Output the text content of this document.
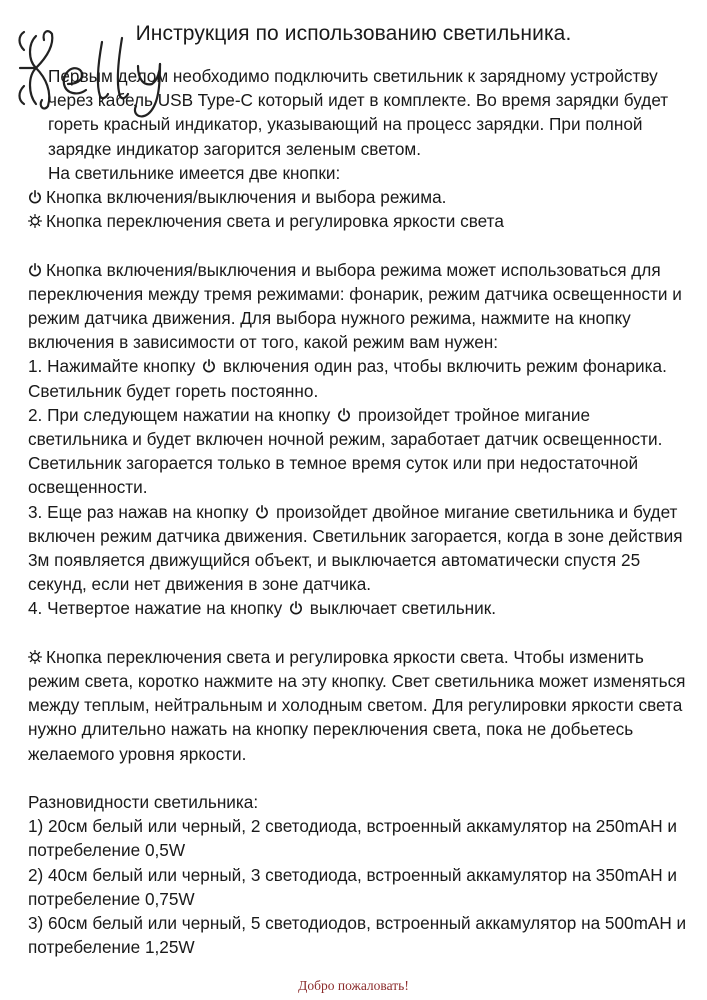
Инструкция по использованию светильника.

Первым делом необходимо подключить светильник к зарядному устройству через кабель USB Type-C который идет в комплекте. Во время зарядки будет гореть красный индикатор, указывающий на процесс зарядки. При полной зарядке индикатор загорится зеленым светом.

На светильнике имеется две кнопки:

Кнопка включения/выключения и выбора режима.

Кнопка переключения света и регулировка яркости света

Кнопка включения/выключения и выбора режима может использоваться для переключения между тремя режимами: фонарик, режим датчика освещенности и режим датчика движения. Для выбора нужного режима, нажмите на кнопку включения в зависимости от того, какой режим вам нужен:

1. Нажимайте кнопку включения один раз, чтобы включить режим фонарика. Светильник будет гореть постоянно.

2. При следующем нажатии на кнопку произойдет тройное мигание светильника и будет включен ночной режим, заработает датчик освещенности. Светильник загорается только в темное время суток или при недостаточной освещенности.

3. Еще раз нажав на кнопку произойдет двойное мигание светильника и будет включен режим датчика движения. Светильник загорается, когда в зоне действия 3м появляется движущийся объект, и выключается автоматически спустя 25 секунд, если нет движения в зоне датчика.

4. Четвертое нажатие на кнопку выключает светильник.

Кнопка переключения света и регулировка яркости света. Чтобы изменить режим света, коротко нажмите на эту кнопку. Свет светильника может изменяться между теплым, нейтральным и холодным светом. Для регулировки яркости света нужно длительно нажать на кнопку переключения света, пока не добьетесь желаемого уровня яркости.

Разновидности светильника:

1) 20см белый или черный, 2 светодиода, встроенный аккамулятор на 250mAH и потребеление 0,5W

2) 40см белый или черный, 3 светодиода, встроенный аккамулятор на 350mAH и потребеление 0,75W

3) 60см белый или черный, 5 светодиодов, встроенный аккамулятор на 500mAH и потребеление 1,25W

Добро пожаловать!
